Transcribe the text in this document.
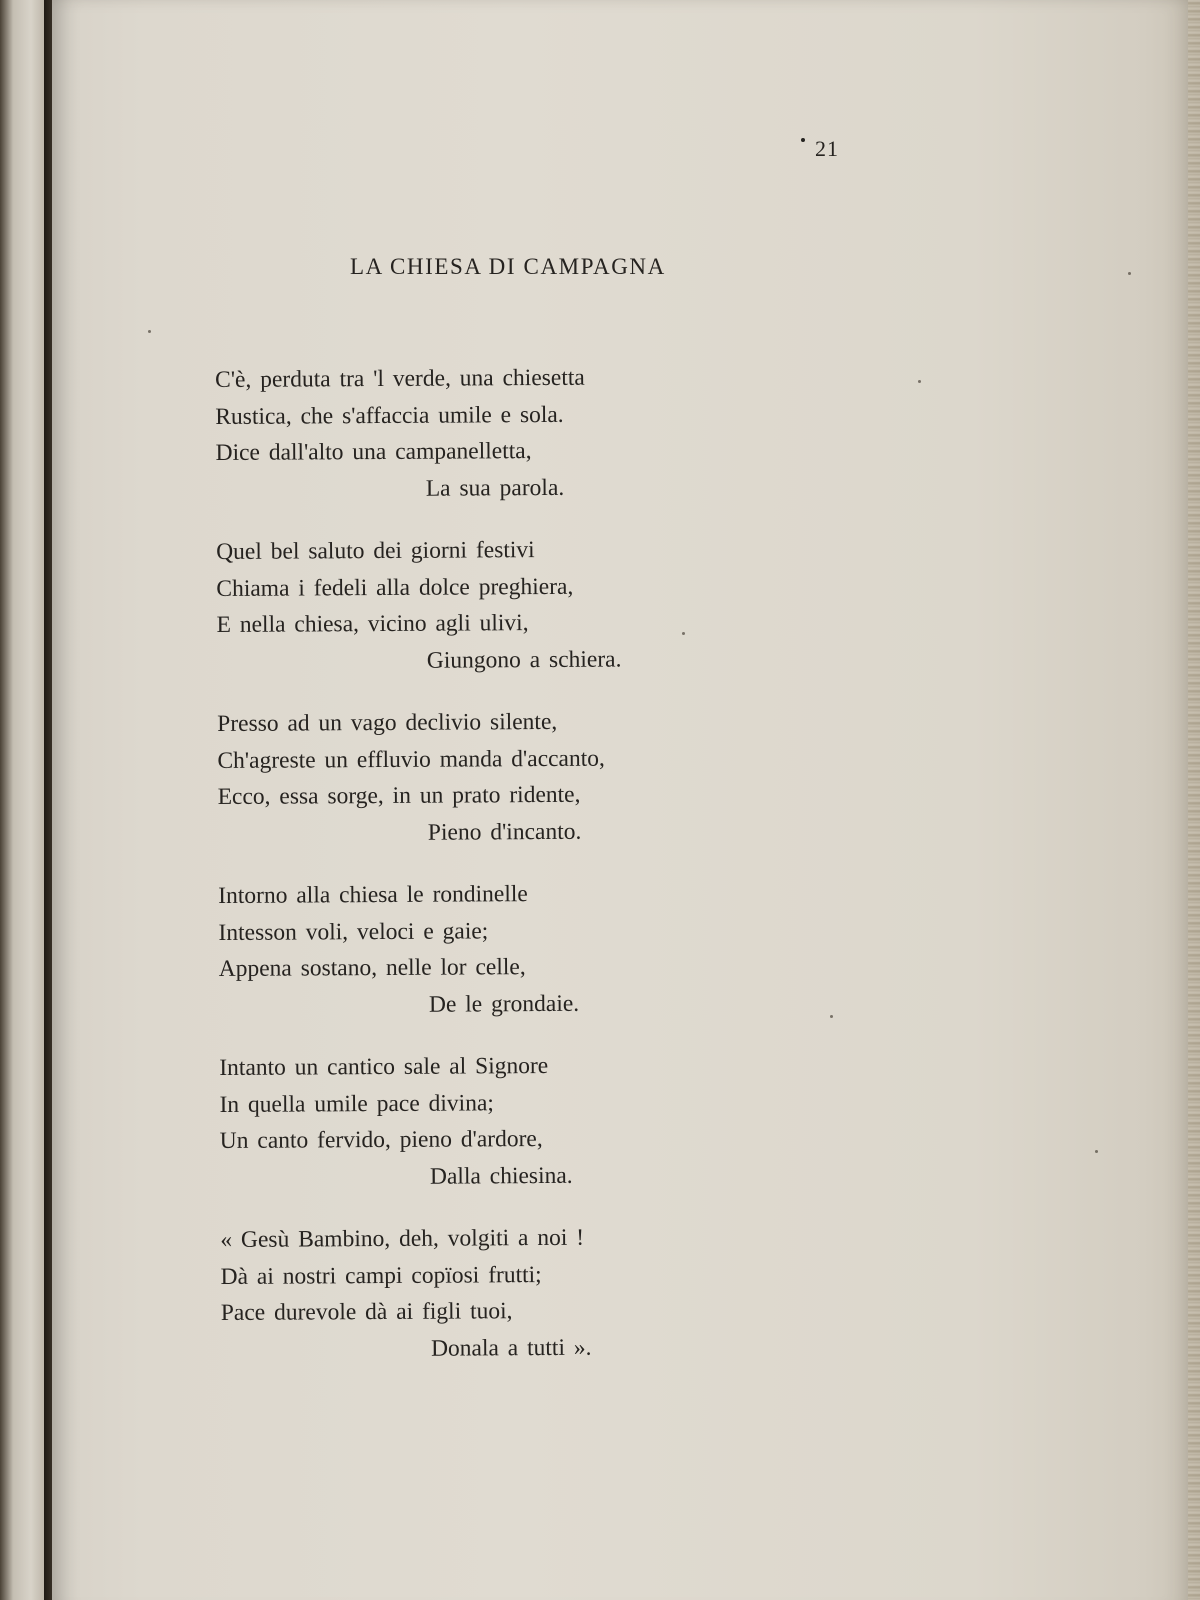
21
LA CHIESA DI CAMPAGNA
C'è, perduta tra 'l verde, una chiesetta
Rustica, che s'affaccia umile e sola.
Dice dall'alto una campanelletta,
La sua parola.
Quel bel saluto dei giorni festivi
Chiama i fedeli alla dolce preghiera,
E nella chiesa, vicino agli ulivi,
Giungono a schiera.
Presso ad un vago declivio silente,
Ch'agreste un effluvio manda d'accanto,
Ecco, essa sorge, in un prato ridente,
Pieno d'incanto.
Intorno alla chiesa le rondinelle
Intesson voli, veloci e gaie;
Appena sostano, nelle lor celle,
De le grondaie.
Intanto un cantico sale al Signore
In quella umile pace divina;
Un canto fervido, pieno d'ardore,
Dalla chiesina.
« Gesù Bambino, deh, volgiti a noi !
Dà ai nostri campi copïosi frutti;
Pace durevole dà ai figli tuoi,
Donala a tutti ».
